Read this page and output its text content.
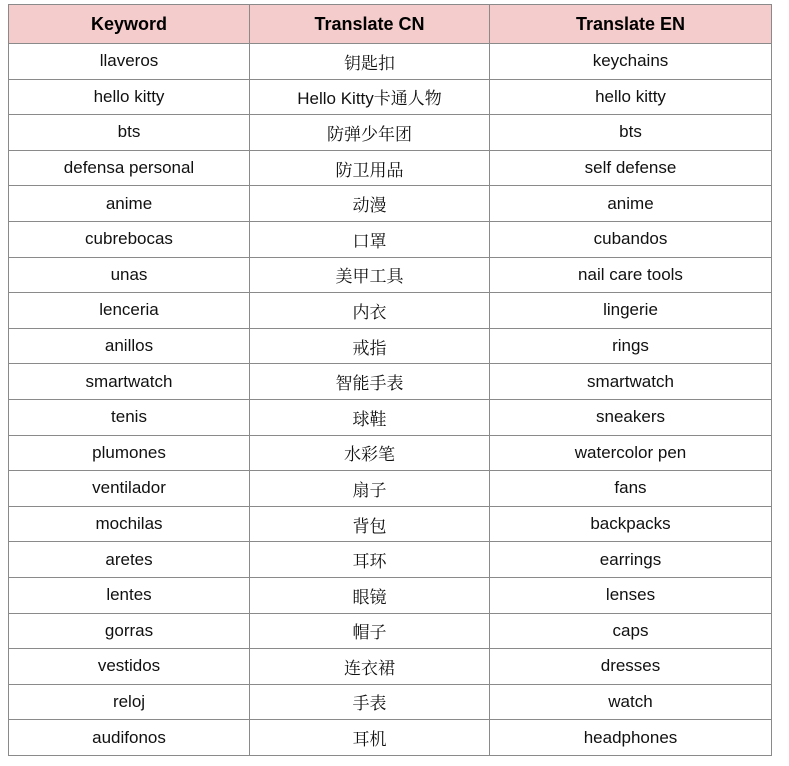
Keyword	Translate CN	Translate EN
llaveros	钥匙扣	keychains
hello kitty	Hello Kitty卡通人物	hello kitty
bts	防弹少年团	bts
defensa personal	防卫用品	self defense
anime	动漫	anime
cubrebocas	口罩	cubandos
unas	美甲工具	nail care tools
lenceria	内衣	lingerie
anillos	戒指	rings
smartwatch	智能手表	smartwatch
tenis	球鞋	sneakers
plumones	水彩笔	watercolor pen
ventilador	扇子	fans
mochilas	背包	backpacks
aretes	耳环	earrings
lentes	眼镜	lenses
gorras	帽子	caps
vestidos	连衣裙	dresses
reloj	手表	watch
audifonos	耳机	headphones
